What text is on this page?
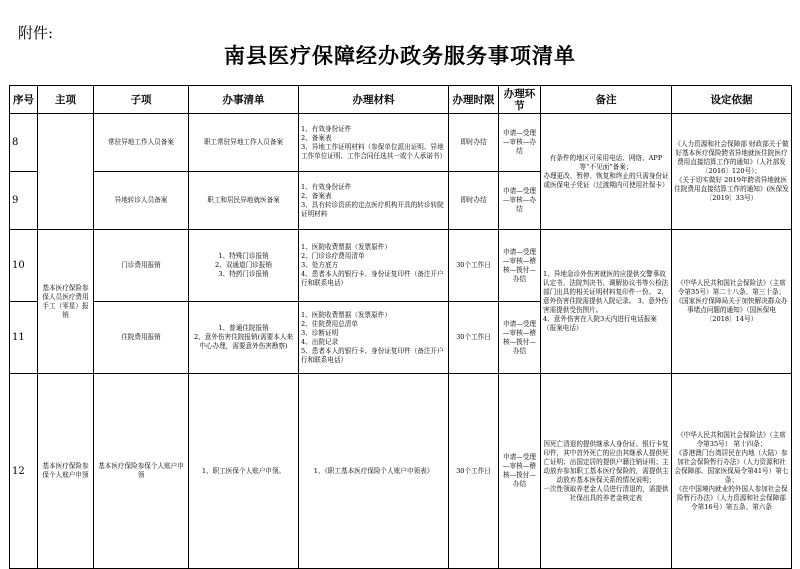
附件:
南县医疗保障经办政务服务事项清单
序号	主项	子项	办事清单	办理材料	办理时限	办理环节	备注	设定依据
8		常驻异地工作人员备案	职工常驻异地工作人员备案	1、有效身份证件
2、备案表
3、异地工作证明材料（参保单位派出证明、异地工作单位证明、工作合同任选其一或个人承诺书）	即时办结	申请—受理—审核—办结	有条件的地区可采用电话、网络、APP等“不见面”备案；
办理更改、暂停、恢复和终止的只需身份证或医保电子凭证（过渡期内可使用社保卡）	《人力资源和社会保障部 财政部关于做好基本医疗保险跨省异地就医住院医疗费用直接结算工作的通知》（人社部发〔2016〕120号）；
《关于切实做好 2019年跨省异地就医住院费用直接结算工作的通知》(医保发〔2019〕33号）

9		异地转诊人员备案	职工和居民异地就医备案	1、有效身份证件
2、备案表
3、具有转诊资质的定点医疗机构开具的转诊转院证明材料	即时办结	申请—受理—审核—办结		
10	基本医疗保险参保人员医疗费用手工（零星）报销	门诊费用报销	1、特殊门诊报销
2、双通道门诊报销
3、特药门诊报销	1、医院收费票据（发票原件）
2、门诊诊疗费用清单
3、处方底方
4、患者本人的银行卡、身份证复印件（备注开户行和联系电话）	30个工作日	申请—受理—审核—稽核—拨付—办结	1、异地急诊外伤害就医的应提供交警事故认定书、法院判决书、调解协议书等公检法部门出具的相关证明材料复印件一份。 2、意外伤害住院需提供入院记录。 3、意外伤害需提供受伤图片。
4、意外伤害在入院3天内进行电话报案（报案电话）	《中华人民共和国社会保险法》（主席令第35号）第二十八条、第三十条；
《国家医疗保障局关于加快解决群众办事堵点问题的通知》（国医保电〔2018〕14号）

11		住院费用报销	1、普通住院报销
2、意外伤害住院报销(需要本人来中心办理，需要意外伤害勘察)	1、医院收费票据（发票原件）
2、住院费用总清单
3、诊断证明
4、出院记录
5、患者本人的银行卡、身份证复印件（备注开户行和联系电话）	30个工作日	申请—受理—审核—稽核—拨付—办结		
12	基本医疗保险参保个人账户申领	基本医疗保险参保个人账户申领	1、职工医保个人账户申领。	1、《职工基本医疗保险个人账户申领表》	30个工作日	申请—受理—审核—稽核—拨付—办结	因死亡清退的提供继承人身份证、银行卡复印件，其中首外死亡的应由其继承人提供死亡证明；出国定居的提供户籍注销证明；主动放弃参加职工基本医疗保险的，需提供主动放弃基本医保关系的情况说明；
一次性领取养老金人员进行清退的，需提供社保出具的养老金核定表	《中华人民共和国社会保险法》（主席令第35号） 第十四条；
《香港澳门台湾居民在内地（大陆）参加社会保险暂行办法》（人力资源和社会保障部、国家医保局令第41号）第七条；
《在中国境内就业的外国人参加社会保险暂行办法》（人力资源和社会保障部令第16号）第五条、第六条
